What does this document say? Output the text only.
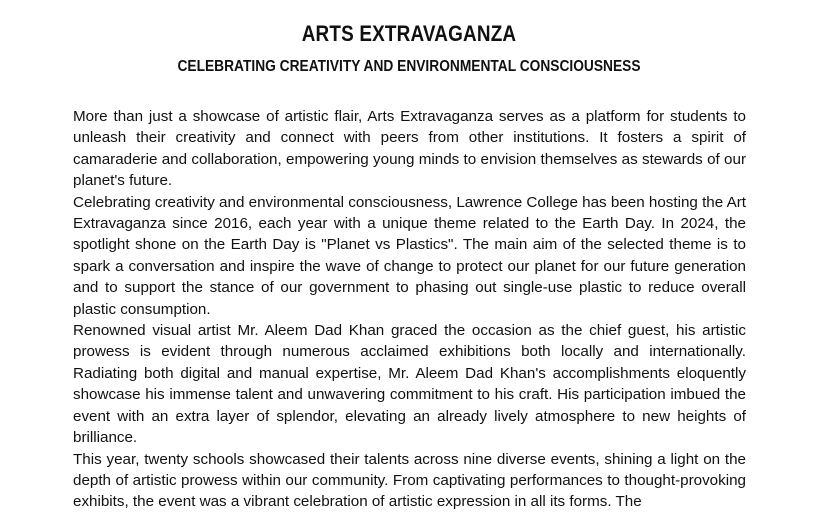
ARTS EXTRAVAGANZA
CELEBRATING CREATIVITY AND ENVIRONMENTAL CONSCIOUSNESS

More than just a showcase of artistic flair, Arts Extravaganza serves as a platform for students to unleash their creativity and connect with peers from other institutions. It fosters a spirit of camaraderie and collaboration, empowering young minds to envision themselves as stewards of our planet's future.

Celebrating creativity and environmental consciousness, Lawrence College has been hosting the Art Extravaganza since 2016, each year with a unique theme related to the Earth Day. In 2024, the spotlight shone on the Earth Day is "Planet vs Plastics". The main aim of the selected theme is to spark a conversation and inspire the wave of change to protect our planet for our future generation and to support the stance of our government to phasing out single-use plastic to reduce overall plastic consumption.

Renowned visual artist Mr. Aleem Dad Khan graced the occasion as the chief guest, his artistic prowess is evident through numerous acclaimed exhibitions both locally and internationally. Radiating both digital and manual expertise, Mr. Aleem Dad Khan's accomplishments eloquently showcase his immense talent and unwavering commitment to his craft. His participation imbued the event with an extra layer of splendor, elevating an already lively atmosphere to new heights of brilliance.

This year, twenty schools showcased their talents across nine diverse events, shining a light on the depth of artistic prowess within our community. From captivating performances to thought-provoking exhibits, the event was a vibrant celebration of artistic expression in all its forms. The
